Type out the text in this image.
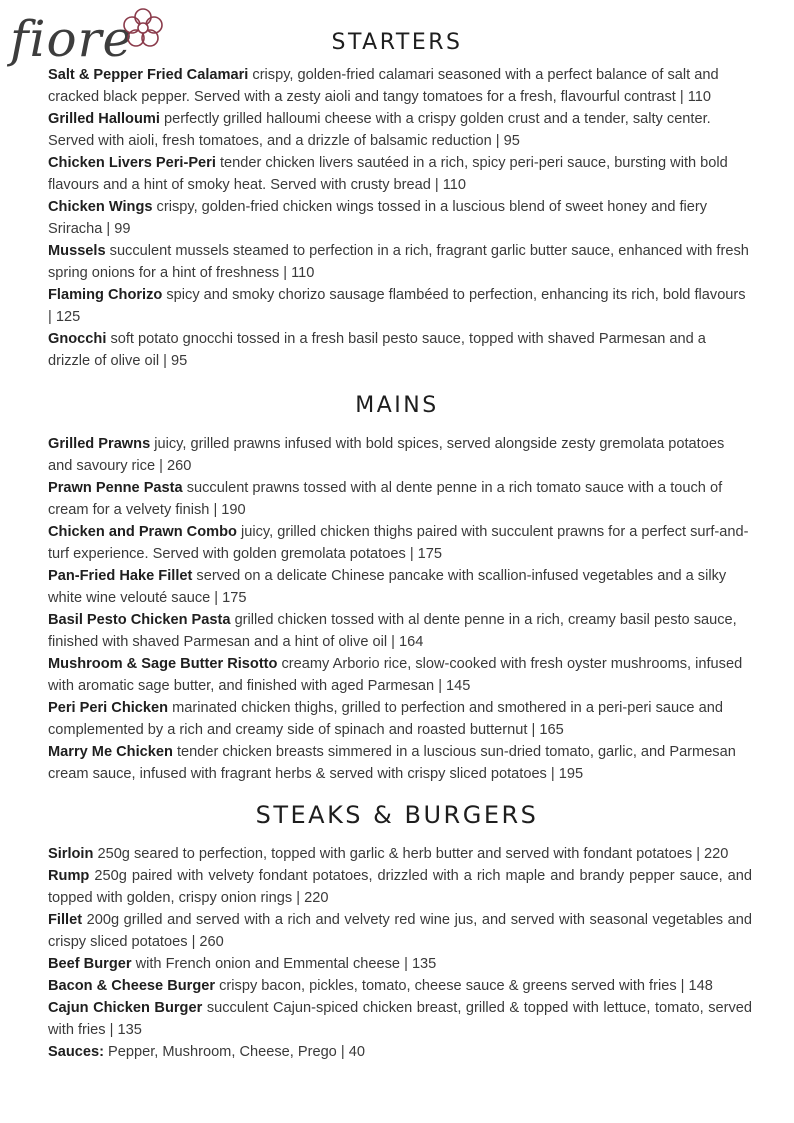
fiore	STARTERS
Salt & Pepper Fried Calamari crispy, golden-fried calamari seasoned with a perfect balance of salt and cracked black pepper. Served with a zesty aioli and tangy tomatoes for a fresh, flavourful contrast | 110
Grilled Halloumi perfectly grilled halloumi cheese with a crispy golden crust and a tender, salty center. Served with aioli, fresh tomatoes, and a drizzle of balsamic reduction | 95
Chicken Livers Peri-Peri tender chicken livers sautéed in a rich, spicy peri-peri sauce, bursting with bold flavours and a hint of smoky heat. Served with crusty bread | 110
Chicken Wings crispy, golden-fried chicken wings tossed in a luscious blend of sweet honey and fiery Sriracha | 99
Mussels succulent mussels steamed to perfection in a rich, fragrant garlic butter sauce, enhanced with fresh spring onions for a hint of freshness | 110
Flaming Chorizo spicy and smoky chorizo sausage flambéed to perfection, enhancing its rich, bold flavours | 125
Gnocchi soft potato gnocchi tossed in a fresh basil pesto sauce, topped with shaved Parmesan and a drizzle of olive oil | 95
MAINS
Grilled Prawns juicy, grilled prawns infused with bold spices, served alongside zesty gremolata potatoes and savoury rice | 260
Prawn Penne Pasta succulent prawns tossed with al dente penne in a rich tomato sauce with a touch of cream for a velvety finish | 190
Chicken and Prawn Combo juicy, grilled chicken thighs paired with succulent prawns for a perfect surf-and-turf experience. Served with golden gremolata potatoes | 175
Pan-Fried Hake Fillet served on a delicate Chinese pancake with scallion-infused vegetables and a silky white wine velouté sauce | 175
Basil Pesto Chicken Pasta grilled chicken tossed with al dente penne in a rich, creamy basil pesto sauce, finished with shaved Parmesan and a hint of olive oil | 164
Mushroom & Sage Butter Risotto creamy Arborio rice, slow-cooked with fresh oyster mushrooms, infused with aromatic sage butter, and finished with aged Parmesan | 145
Peri Peri Chicken marinated chicken thighs, grilled to perfection and smothered in a peri-peri sauce and complemented by a rich and creamy side of spinach and roasted butternut | 165
Marry Me Chicken tender chicken breasts simmered in a luscious sun-dried tomato, garlic, and Parmesan cream sauce, infused with fragrant herbs & served with crispy sliced potatoes | 195
STEAKS & BURGERS
Sirloin 250g seared to perfection, topped with garlic & herb butter and served with fondant potatoes | 220
Rump 250g paired with velvety fondant potatoes, drizzled with a rich maple and brandy pepper sauce, and topped with golden, crispy onion rings | 220
Fillet 200g grilled and served with a rich and velvety red wine jus, and served with seasonal vegetables and crispy sliced potatoes | 260
Beef Burger with French onion and Emmental cheese | 135
Bacon & Cheese Burger crispy bacon, pickles, tomato, cheese sauce & greens served with fries | 148
Cajun Chicken Burger succulent Cajun-spiced chicken breast, grilled & topped with lettuce, tomato, served with fries | 135
Sauces: Pepper, Mushroom, Cheese, Prego | 40
